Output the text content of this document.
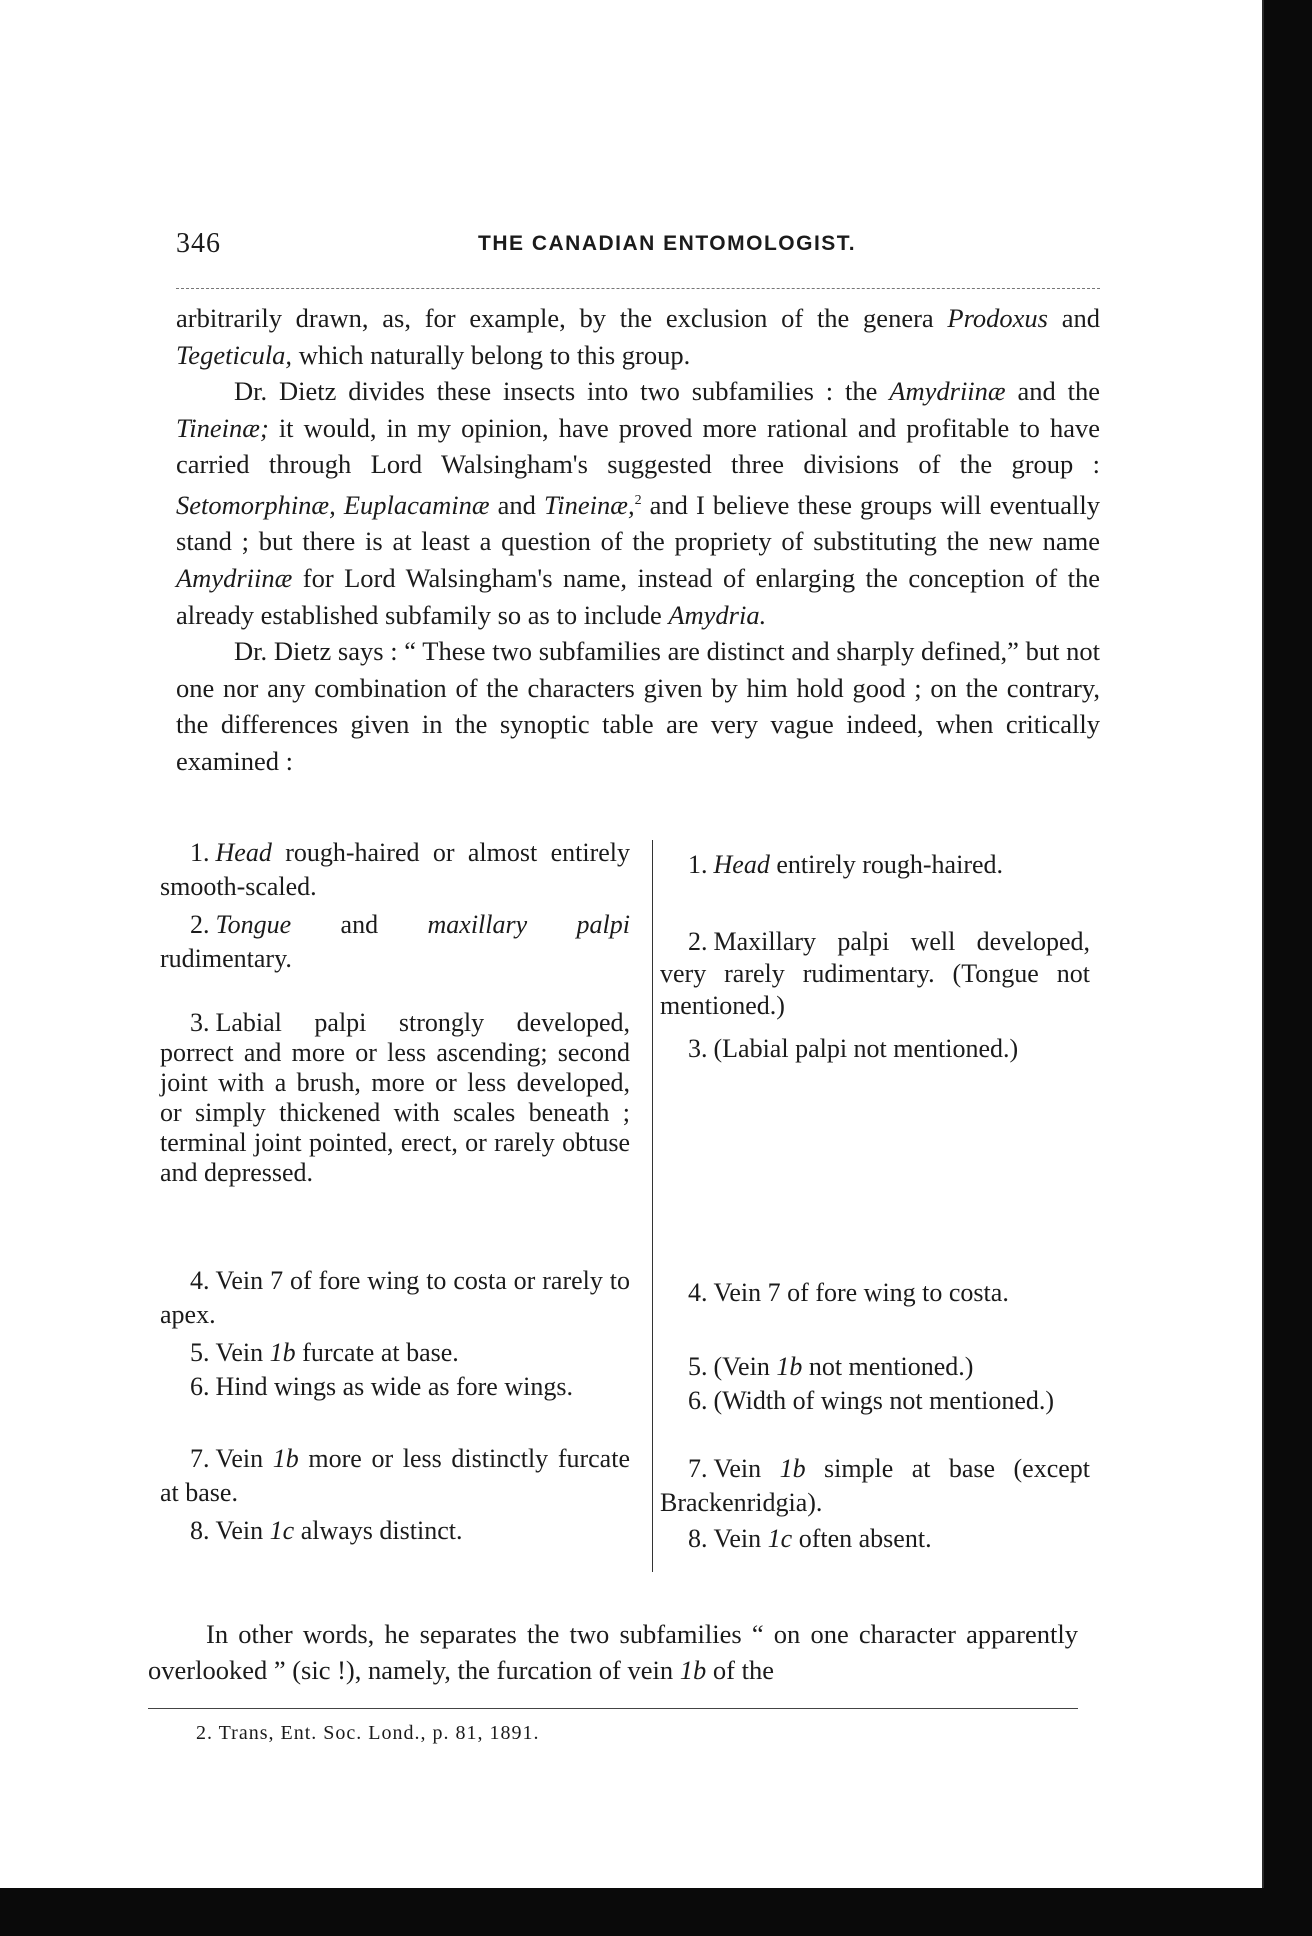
346	THE CANADIAN ENTOMOLOGIST.

arbitrarily drawn, as, for example, by the exclusion of the genera Prodoxus and Tegeticula, which naturally belong to this group.

Dr. Dietz divides these insects into two subfamilies : the Amydriinæ and the Tineinæ; it would, in my opinion, have proved more rational and profitable to have carried through Lord Walsingham's suggested three divisions of the group : Setomorphinæ, Euplacaminæ and Tineinæ,$^2$ and I believe these groups will eventually stand ; but there is at least a question of the propriety of substituting the new name Amydriinæ for Lord Walsingham's name, instead of enlarging the conception of the already established subfamily so as to include Amydria.

Dr. Dietz says : “ These two subfamilies are distinct and sharply defined,” but not one nor any combination of the characters given by him hold good ; on the contrary, the differences given in the synoptic table are very vague indeed, when critically examined :

1. Head rough-haired or almost entirely smooth-scaled.
2. Tongue and maxillary palpi rudimentary.
3. Labial palpi strongly developed, porrect and more or less ascending; second joint with a brush, more or less developed, or simply thickened with scales beneath ; terminal joint pointed, erect, or rarely obtuse and depressed.
4. Vein 7 of fore wing to costa or rarely to apex.
5. Vein 1b furcate at base.
6. Hind wings as wide as fore wings.
7. Vein 1b more or less distinctly furcate at base.
8. Vein 1c always distinct.
1. Head entirely rough-haired.
2. Maxillary palpi well developed, very rarely rudimentary. (Tongue not mentioned.)
3. (Labial palpi not mentioned.)
4. Vein 7 of fore wing to costa.
5. (Vein 1b not mentioned.)
6. (Width of wings not mentioned.)
7. Vein 1b simple at base (except Brackenridgia).
8. Vein 1c often absent.
In other words, he separates the two subfamilies “ on one character apparently overlooked ” (sic !), namely, the furcation of vein 1b of the
2. Trans, Ent. Soc. Lond., p. 81, 1891.
